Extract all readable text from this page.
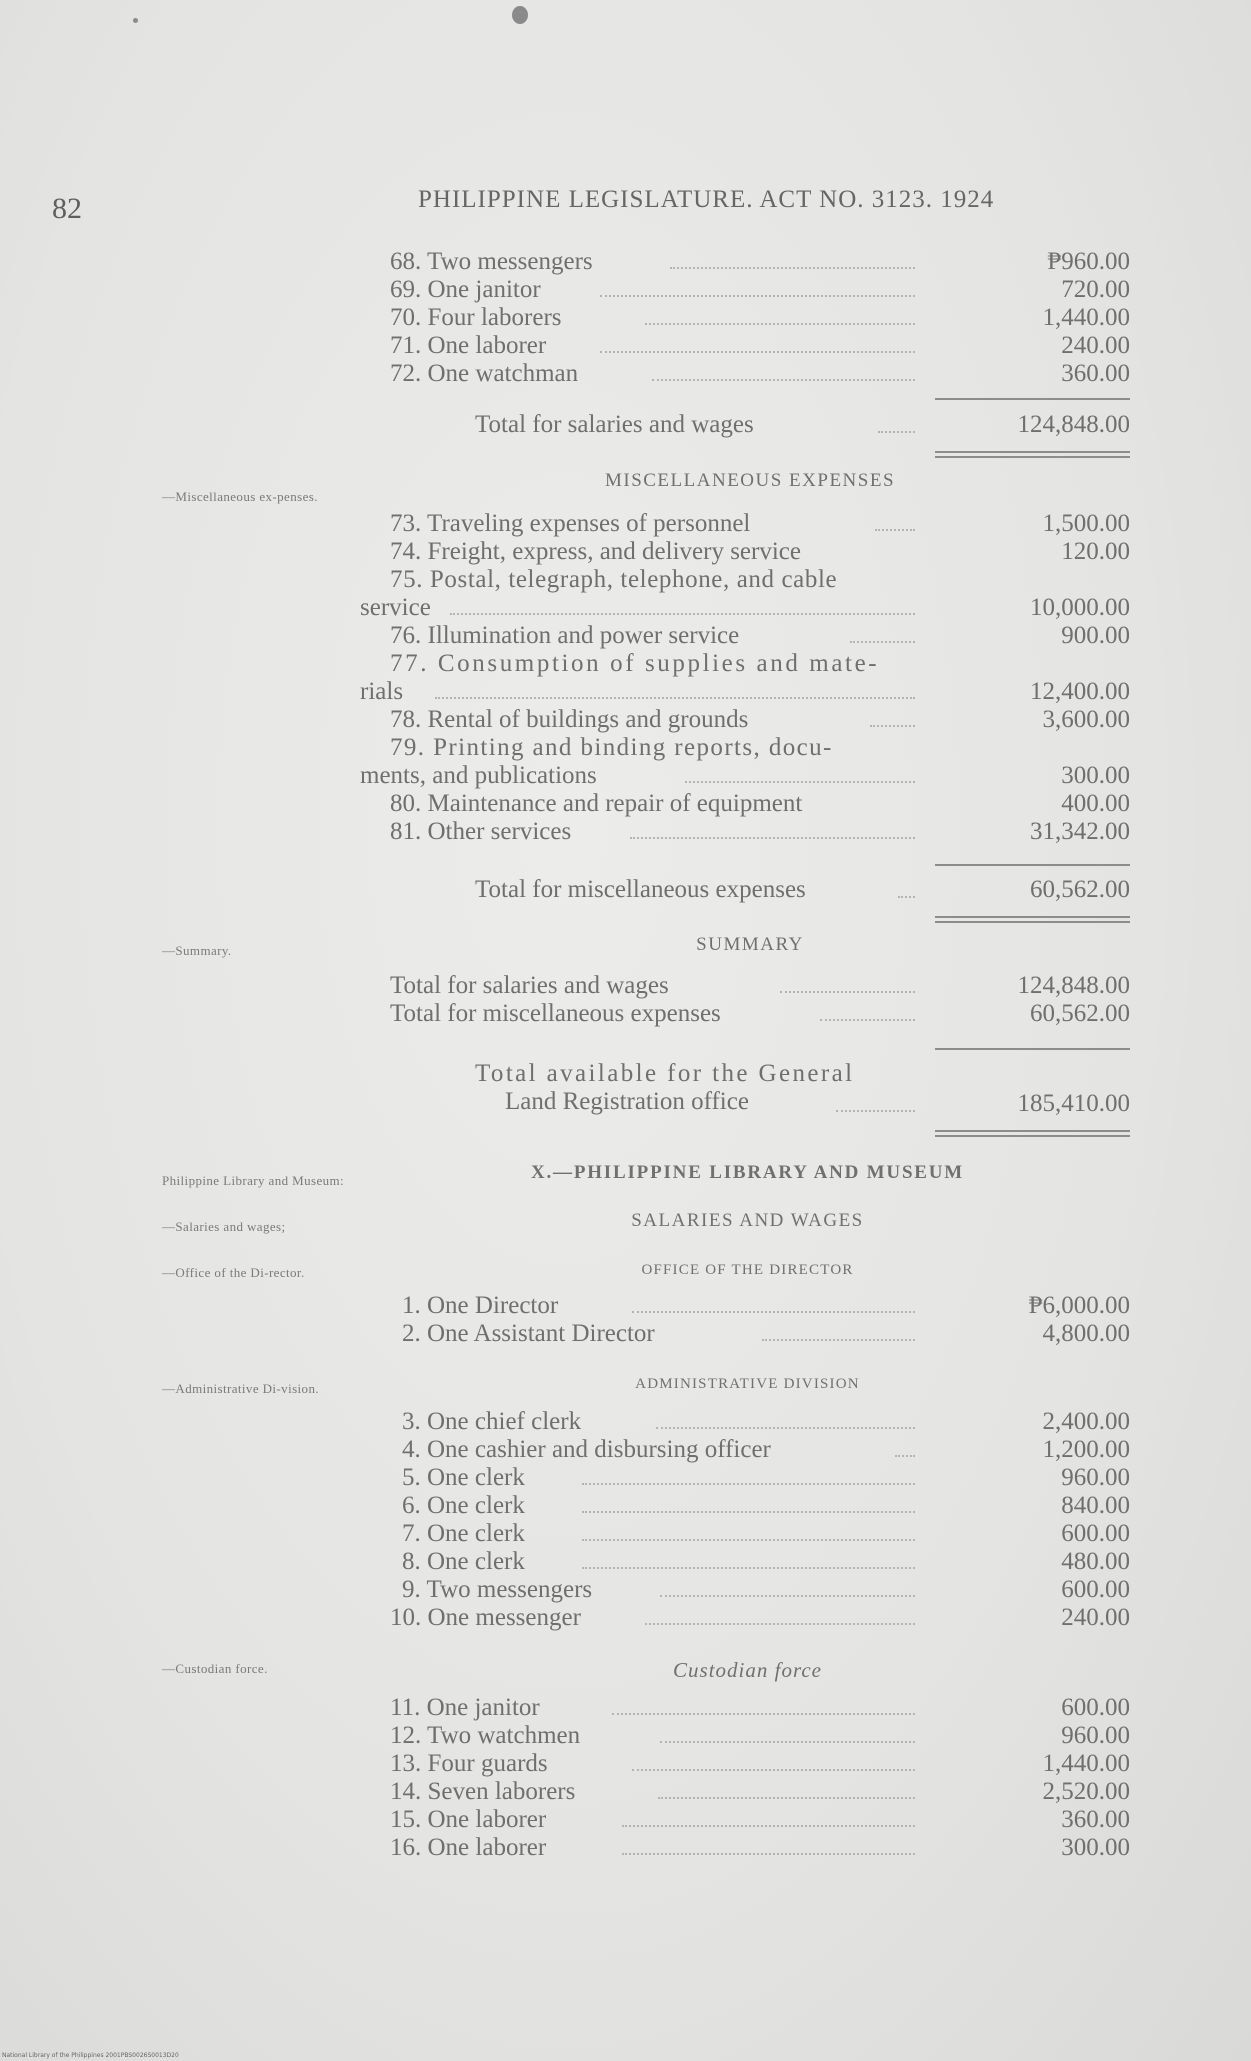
82	PHILIPPINE LEGISLATURE. ACT NO. 3123. 1924
—Miscellaneous ex-penses.
—Summary.
Philippine Library and Museum:
—Salaries and wages;
—Office of the Di-rector.
—Administrative Di-vision.
—Custodian force.
68. Two messengers	₱960.00
69. One janitor	720.00
70. Four laborers	1,440.00
71. One laborer	240.00
72. One watchman	360.00
Total for salaries and wages	124,848.00
MISCELLANEOUS EXPENSES
73. Traveling expenses of personnel	1,500.00
74. Freight, express, and delivery service	120.00
75. Postal, telegraph, telephone, and cable
service	10,000.00
76. Illumination and power service	900.00
77. Consumption of supplies and mate-
rials	12,400.00
78. Rental of buildings and grounds	3,600.00
79. Printing and binding reports, docu-
ments, and publications	300.00
80. Maintenance and repair of equipment	400.00
81. Other services	31,342.00
Total for miscellaneous expenses	60,562.00
SUMMARY
Total for salaries and wages	124,848.00
Total for miscellaneous expenses	60,562.00
Total available for the General
Land Registration office	185,410.00
X.—PHILIPPINE LIBRARY AND MUSEUM
SALARIES AND WAGES
OFFICE OF THE DIRECTOR
1. One Director	₱6,000.00
2. One Assistant Director	4,800.00
ADMINISTRATIVE DIVISION
3. One chief clerk	2,400.00
4. One cashier and disbursing officer	1,200.00
5. One clerk	960.00
6. One clerk	840.00
7. One clerk	600.00
8. One clerk	480.00
9. Two messengers	600.00
10. One messenger	240.00
Custodian force
11. One janitor	600.00
12. Two watchmen	960.00
13. Four guards	1,440.00
14. Seven laborers	2,520.00
15. One laborer	360.00
16. One laborer	300.00
National Library of the Philippines 2001PBS0026S0013D20
